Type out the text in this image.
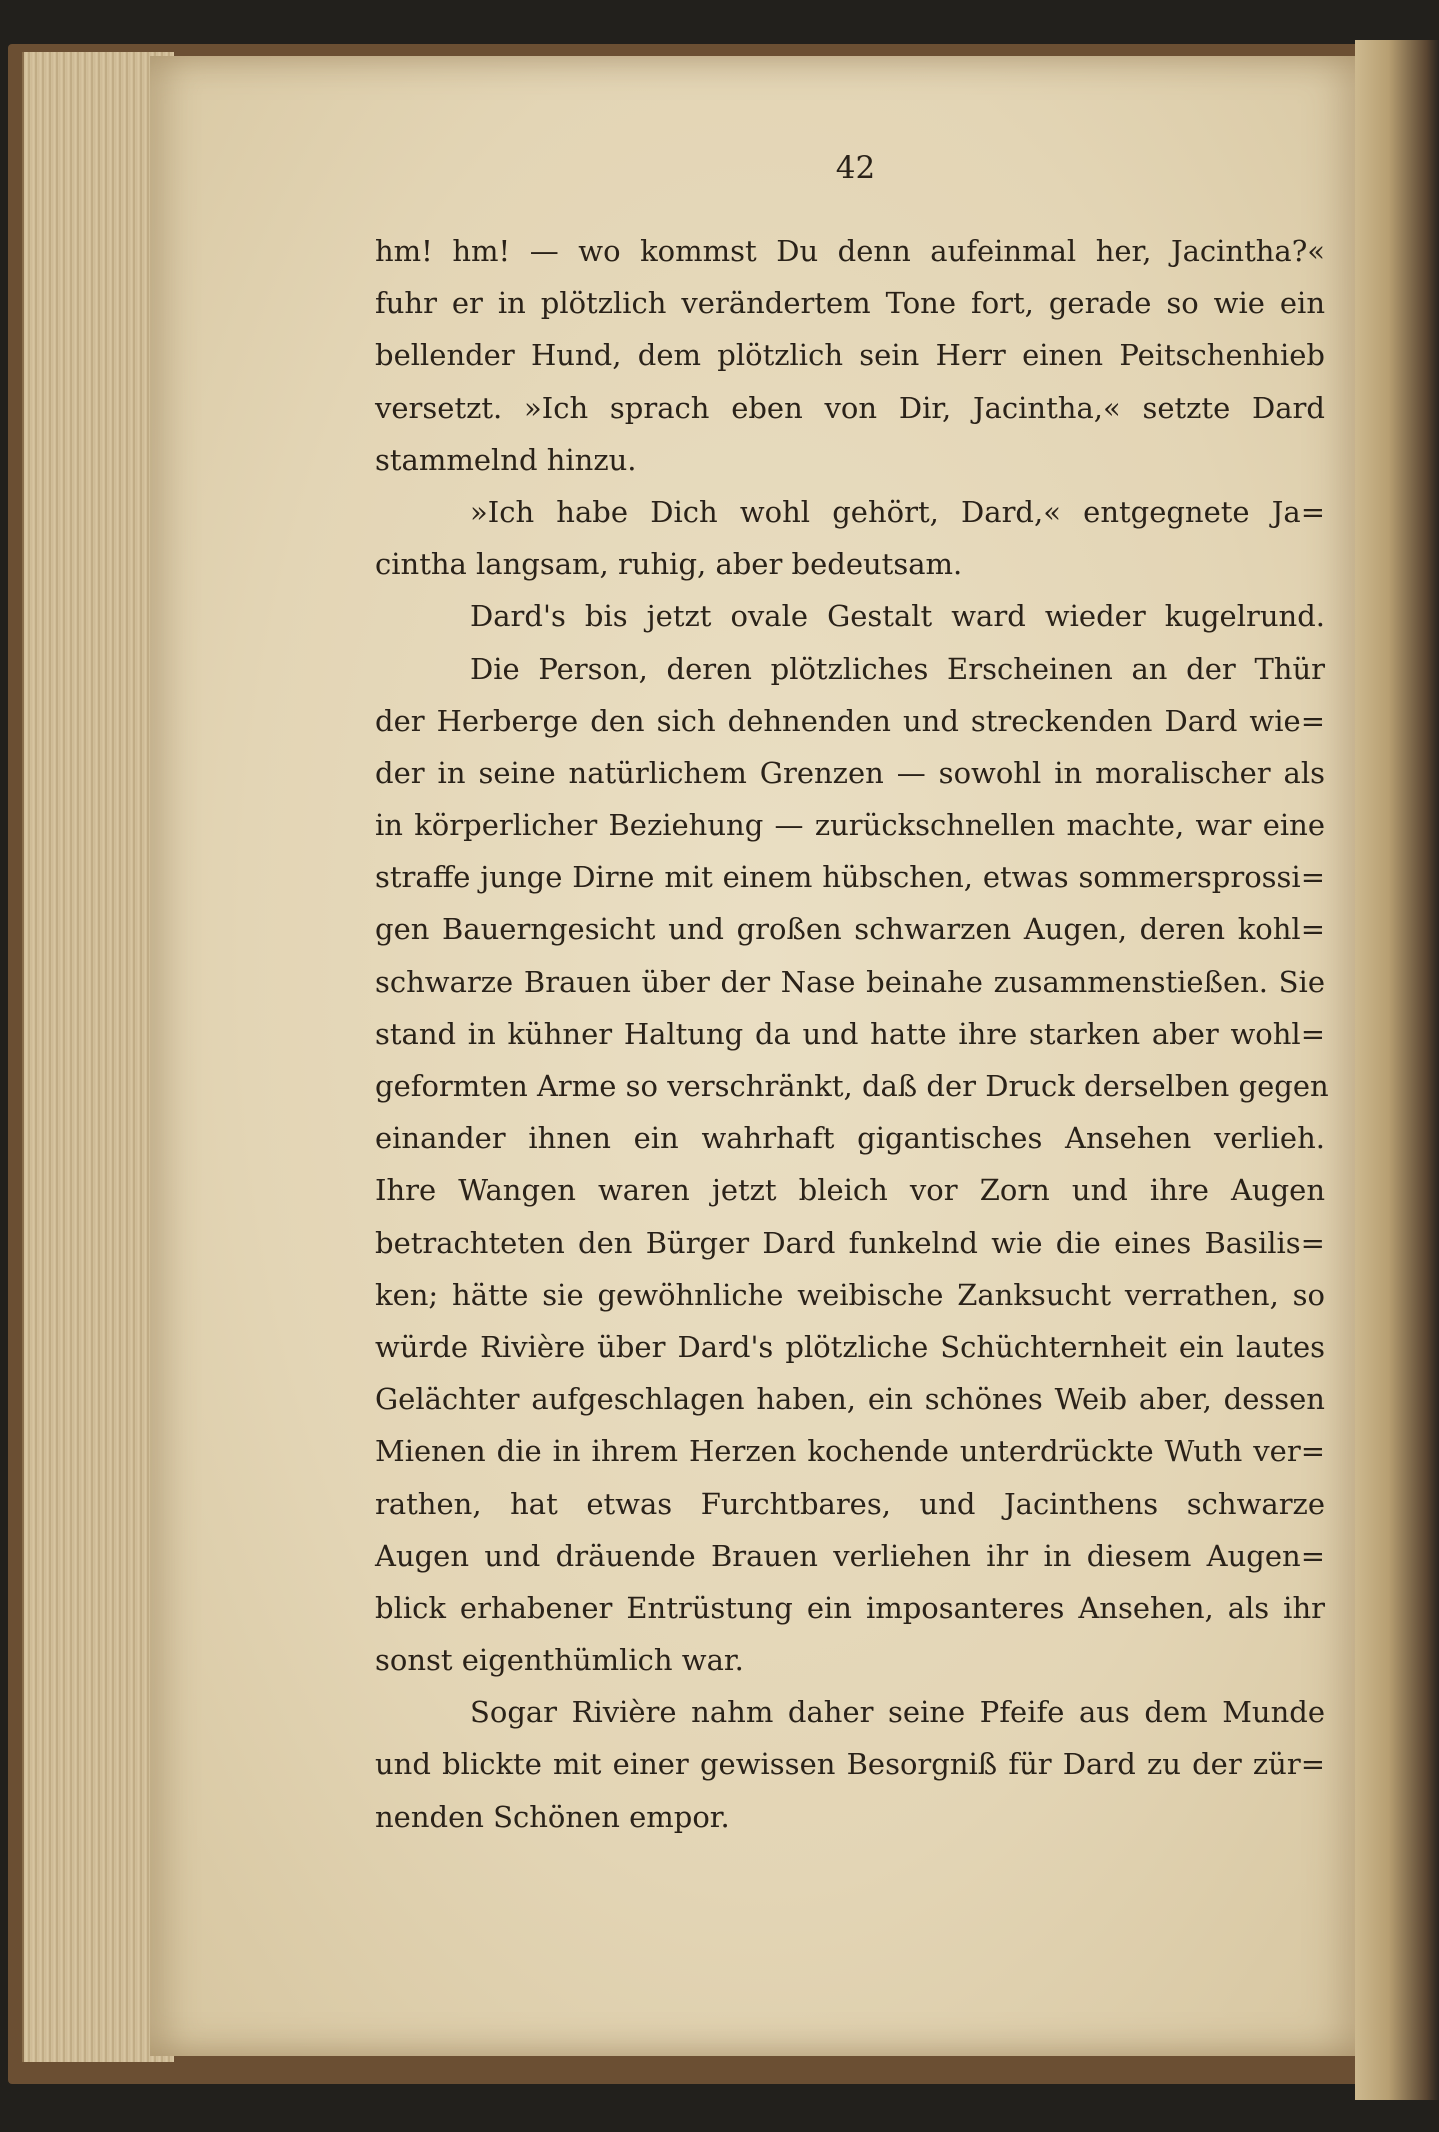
42
hm! hm! — wo kommst Du denn aufeinmal her, Jacintha?«
fuhr er in plötzlich verändertem Tone fort, gerade so wie ein
bellender Hund, dem plötzlich sein Herr einen Peitschenhieb
versetzt. »Ich sprach eben von Dir, Jacintha,« setzte Dard
stammelnd hinzu.
»Ich habe Dich wohl gehört, Dard,« entgegnete Ja=
cintha langsam, ruhig, aber bedeutsam.
Dard's bis jetzt ovale Gestalt ward wieder kugelrund.
Die Person, deren plötzliches Erscheinen an der Thür
der Herberge den sich dehnenden und streckenden Dard wie=
der in seine natürlichem Grenzen — sowohl in moralischer als
in körperlicher Beziehung — zurückschnellen machte, war eine
straffe junge Dirne mit einem hübschen, etwas sommersprossi=
gen Bauerngesicht und großen schwarzen Augen, deren kohl=
schwarze Brauen über der Nase beinahe zusammenstießen. Sie
stand in kühner Haltung da und hatte ihre starken aber wohl=
geformten Arme so verschränkt, daß der Druck derselben gegen
einander ihnen ein wahrhaft gigantisches Ansehen verlieh.
Ihre Wangen waren jetzt bleich vor Zorn und ihre Augen
betrachteten den Bürger Dard funkelnd wie die eines Basilis=
ken; hätte sie gewöhnliche weibische Zanksucht verrathen, so
würde Rivière über Dard's plötzliche Schüchternheit ein lautes
Gelächter aufgeschlagen haben, ein schönes Weib aber, dessen
Mienen die in ihrem Herzen kochende unterdrückte Wuth ver=
rathen, hat etwas Furchtbares, und Jacinthens schwarze
Augen und dräuende Brauen verliehen ihr in diesem Augen=
blick erhabener Entrüstung ein imposanteres Ansehen, als ihr
sonst eigenthümlich war.
Sogar Rivière nahm daher seine Pfeife aus dem Munde
und blickte mit einer gewissen Besorgniß für Dard zu der zür=
nenden Schönen empor.
